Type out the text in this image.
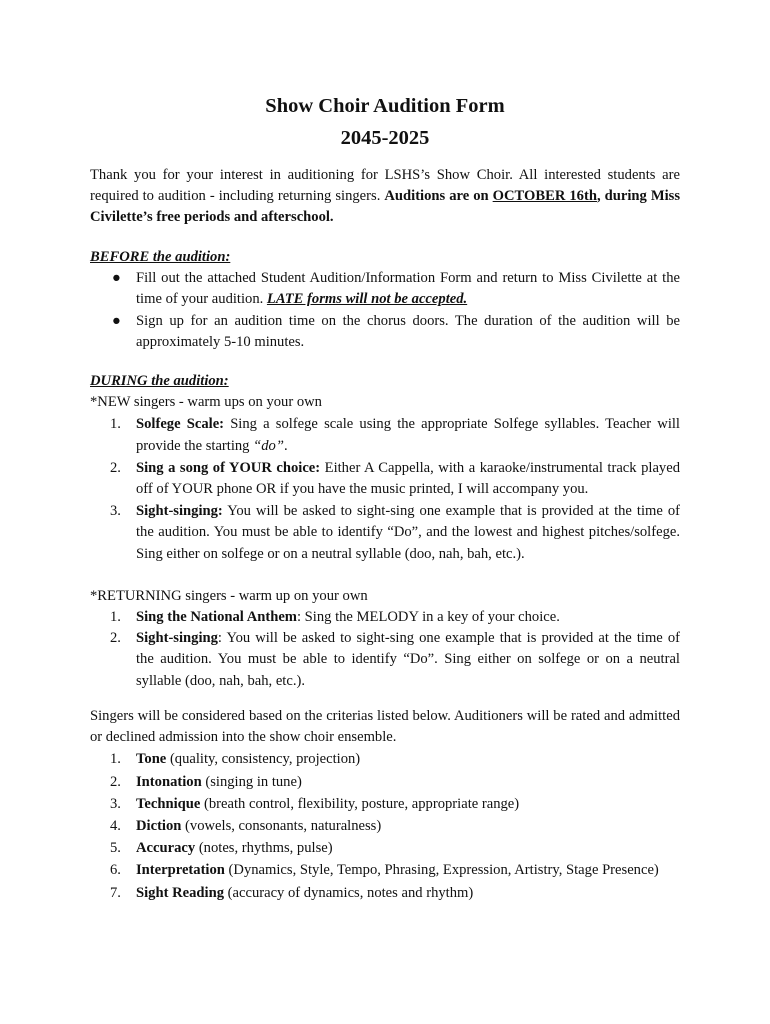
Show Choir Audition Form
2045-2025
Thank you for your interest in auditioning for LSHS’s Show Choir. All interested students are required to audition - including returning singers. Auditions are on OCTOBER 16th, during Miss Civilette’s free periods and afterschool.
BEFORE the audition:
● Fill out the attached Student Audition/Information Form and return to Miss Civilette at the time of your audition. LATE forms will not be accepted.
● Sign up for an audition time on the chorus doors. The duration of the audition will be approximately 5-10 minutes.
DURING the audition:
*NEW singers - warm ups on your own
1. Solfege Scale: Sing a solfege scale using the appropriate Solfege syllables. Teacher will provide the starting “do”.
2. Sing a song of YOUR choice: Either A Cappella, with a karaoke/instrumental track played off of YOUR phone OR if you have the music printed, I will accompany you.
3. Sight-singing: You will be asked to sight-sing one example that is provided at the time of the audition. You must be able to identify “Do”, and the lowest and highest pitches/solfege. Sing either on solfege or on a neutral syllable (doo, nah, bah, etc.).
*RETURNING singers - warm up on your own
1. Sing the National Anthem: Sing the MELODY in a key of your choice.
2. Sight-singing: You will be asked to sight-sing one example that is provided at the time of the audition. You must be able to identify “Do”. Sing either on solfege or on a neutral syllable (doo, nah, bah, etc.).
Singers will be considered based on the criterias listed below. Auditioners will be rated and admitted or declined admission into the show choir ensemble.
1. Tone (quality, consistency, projection)
2. Intonation (singing in tune)
3. Technique (breath control, flexibility, posture, appropriate range)
4. Diction (vowels, consonants, naturalness)
5. Accuracy (notes, rhythms, pulse)
6. Interpretation (Dynamics, Style, Tempo, Phrasing, Expression, Artistry, Stage Presence)
7. Sight Reading (accuracy of dynamics, notes and rhythm)
